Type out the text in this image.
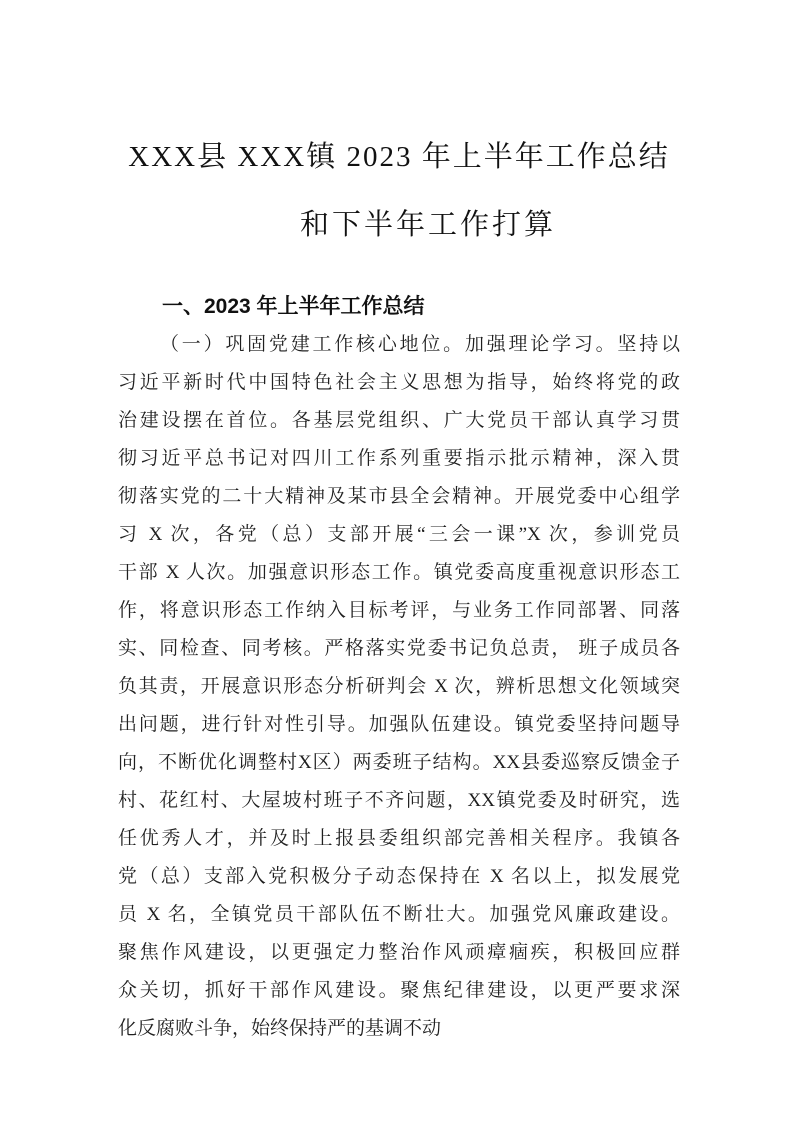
XXX县 XXX镇 2023 年上半年工作总结
和下半年工作打算
一、2023 年上半年工作总结
（一）巩固党建工作核心地位。加强理论学习。坚持以
习近平新时代中国特色社会主义思想为指导，始终将党的政
治建设摆在首位。各基层党组织、广大党员干部认真学习贯
彻习近平总书记对四川工作系列重要指示批示精神，深入贯
彻落实党的二十大精神及某市县全会精神。开展党委中心组学
习 X 次，各党（总）支部开展“三会一课”X 次，参训党员
干部 X 人次。加强意识形态工作。镇党委高度重视意识形态工
作，将意识形态工作纳入目标考评，与业务工作同部署、同落
实、同检查、同考核。严格落实党委书记负总责， 班子成员各
负其责，开展意识形态分析研判会 X 次，辨析思想文化领域突
出问题，进行针对性引导。加强队伍建设。镇党委坚持问题导
向，不断优化调整村X区）两委班子结构。XX县委巡察反馈金子
村、花红村、大屋坡村班子不齐问题，XX镇党委及时研究，选
任优秀人才，并及时上报县委组织部完善相关程序。我镇各
党（总）支部入党积极分子动态保持在 X 名以上，拟发展党
员 X 名，全镇党员干部队伍不断壮大。加强党风廉政建设。
聚焦作风建设，以更强定力整治作风顽瘴痼疾，积极回应群
众关切，抓好干部作风建设。聚焦纪律建设，以更严要求深
化反腐败斗争，始终保持严的基调不动
